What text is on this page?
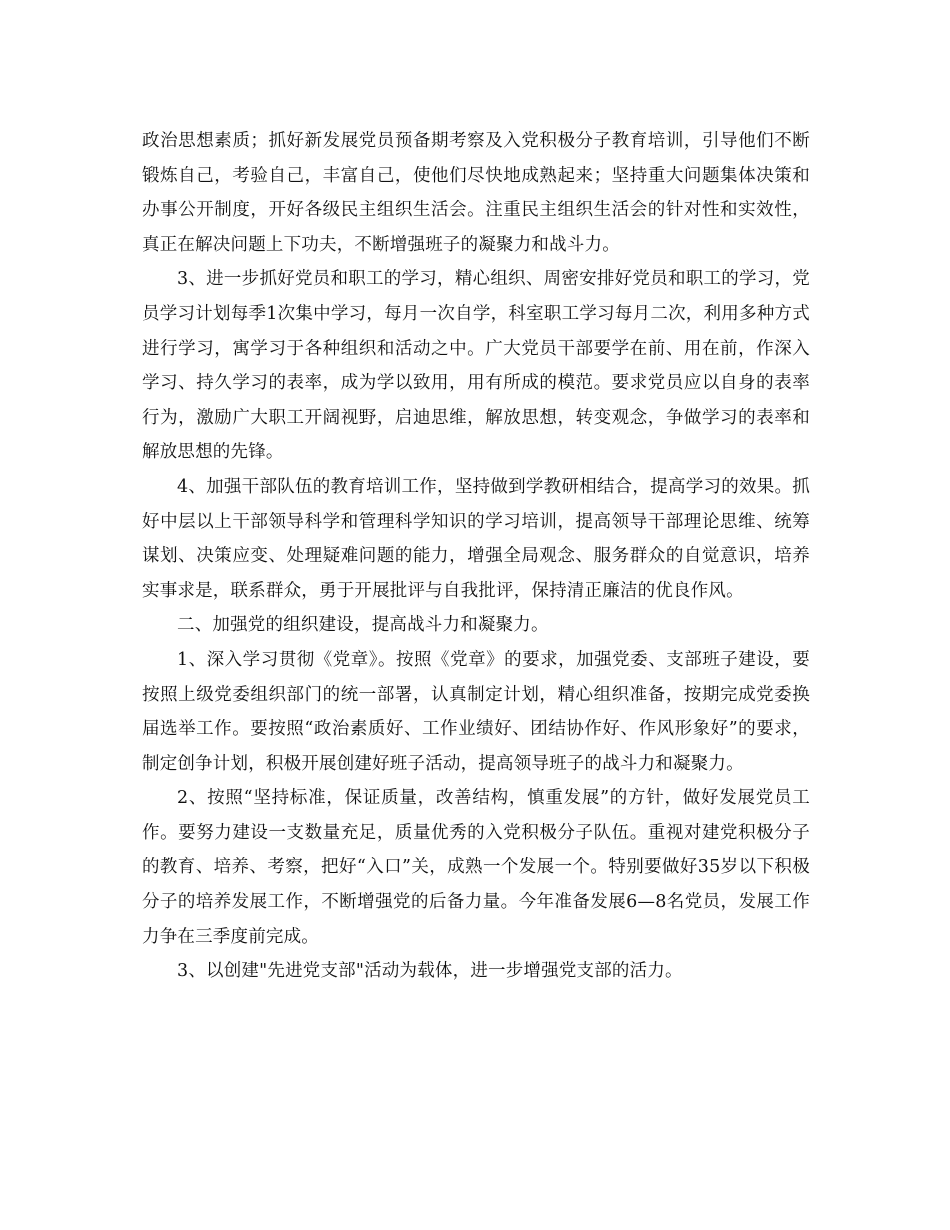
政治思想素质；抓好新发展党员预备期考察及入党积极分子教育培训，引导他们不断锻炼自己，考验自己，丰富自己，使他们尽快地成熟起来；坚持重大问题集体决策和办事公开制度，开好各级民主组织生活会。注重民主组织生活会的针对性和实效性，真正在解决问题上下功夫，不断增强班子的凝聚力和战斗力。

3、进一步抓好党员和职工的学习，精心组织、周密安排好党员和职工的学习，党员学习计划每季1次集中学习，每月一次自学，科室职工学习每月二次，利用多种方式进行学习，寓学习于各种组织和活动之中。广大党员干部要学在前、用在前，作深入学习、持久学习的表率，成为学以致用，用有所成的模范。要求党员应以自身的表率行为，激励广大职工开阔视野，启迪思维，解放思想，转变观念，争做学习的表率和解放思想的先锋。

4、加强干部队伍的教育培训工作，坚持做到学教研相结合，提高学习的效果。抓好中层以上干部领导科学和管理科学知识的学习培训，提高领导干部理论思维、统筹谋划、决策应变、处理疑难问题的能力，增强全局观念、服务群众的自觉意识，培养实事求是，联系群众，勇于开展批评与自我批评，保持清正廉洁的优良作风。

二、加强党的组织建设，提高战斗力和凝聚力。

1、深入学习贯彻《党章》。按照《党章》的要求，加强党委、支部班子建设，要按照上级党委组织部门的统一部署，认真制定计划，精心组织准备，按期完成党委换届选举工作。要按照“政治素质好、工作业绩好、团结协作好、作风形象好”的要求，制定创争计划，积极开展创建好班子活动，提高领导班子的战斗力和凝聚力。

2、按照“坚持标准，保证质量，改善结构，慎重发展”的方针，做好发展党员工作。要努力建设一支数量充足，质量优秀的入党积极分子队伍。重视对建党积极分子的教育、培养、考察，把好“入口”关，成熟一个发展一个。特别要做好35岁以下积极分子的培养发展工作，不断增强党的后备力量。今年准备发展6—8名党员，发展工作力争在三季度前完成。

3、以创建"先进党支部"活动为载体，进一步增强党支部的活力。
